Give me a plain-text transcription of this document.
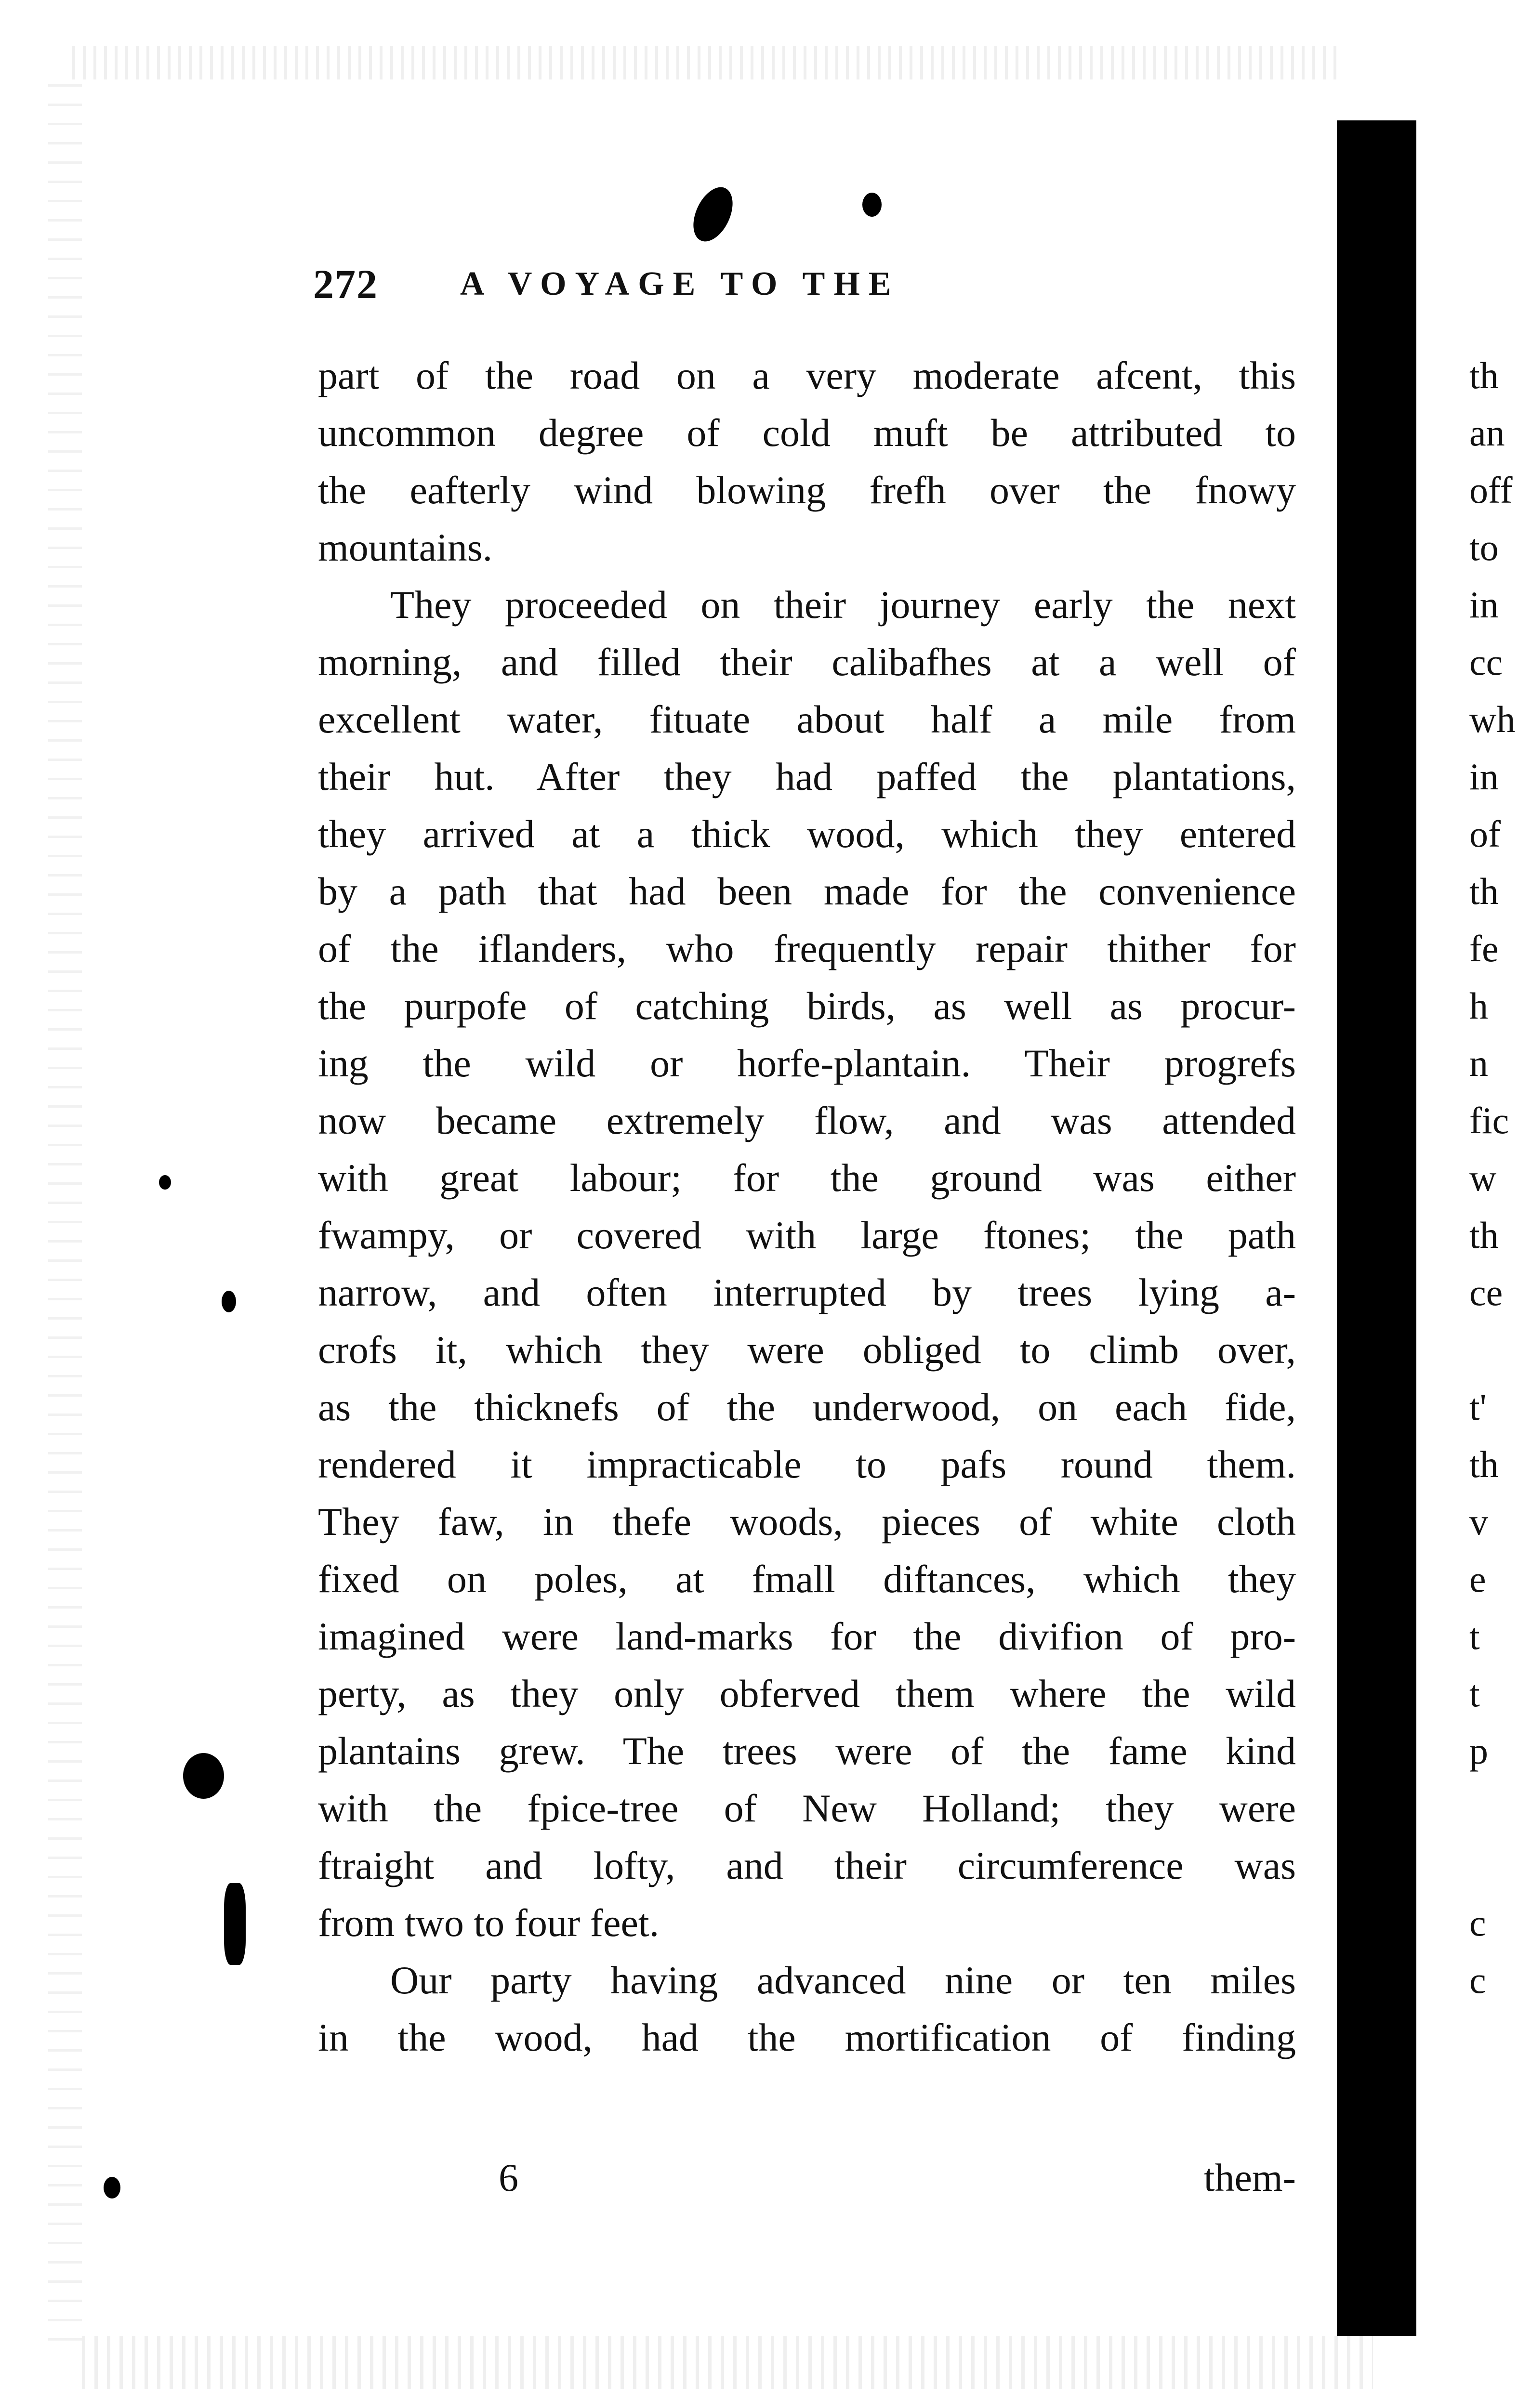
272 A VOYAGE TO THE
part of the road on a very moderate afcent, this
uncommon degree of cold muft be attributed to
the eafterly wind blowing frefh over the fnowy
mountains.
They proceeded on their journey early the next
morning, and filled their calibafhes at a well of
excellent water, fituate about half a mile from
their hut. After they had paffed the plantations,
they arrived at a thick wood, which they entered
by a path that had been made for the convenience
of the iflanders, who frequently repair thither for
the purpofe of catching birds, as well as procur-
ing the wild or horfe-plantain. Their progrefs
now became extremely flow, and was attended
with great labour; for the ground was either
fwampy, or covered with large ftones; the path
narrow, and often interrupted by trees lying a-
crofs it, which they were obliged to climb over,
as the thicknefs of the underwood, on each fide,
rendered it impracticable to pafs round them.
They faw, in thefe woods, pieces of white cloth
fixed on poles, at fmall diftances, which they
imagined were land-marks for the divifion of pro-
perty, as they only obferved them where the wild
plantains grew. The trees were of the fame kind
with the fpice-tree of New Holland; they were
ftraight and lofty, and their circumference was
from two to four feet.
Our party having advanced nine or ten miles
in the wood, had the mortification of finding
6	them-
th
an
off
to
in
cc
wh
in
of
th
fe
h
n
fic
w
th
ce
t'
th
v
e
t
t
p
c
c
